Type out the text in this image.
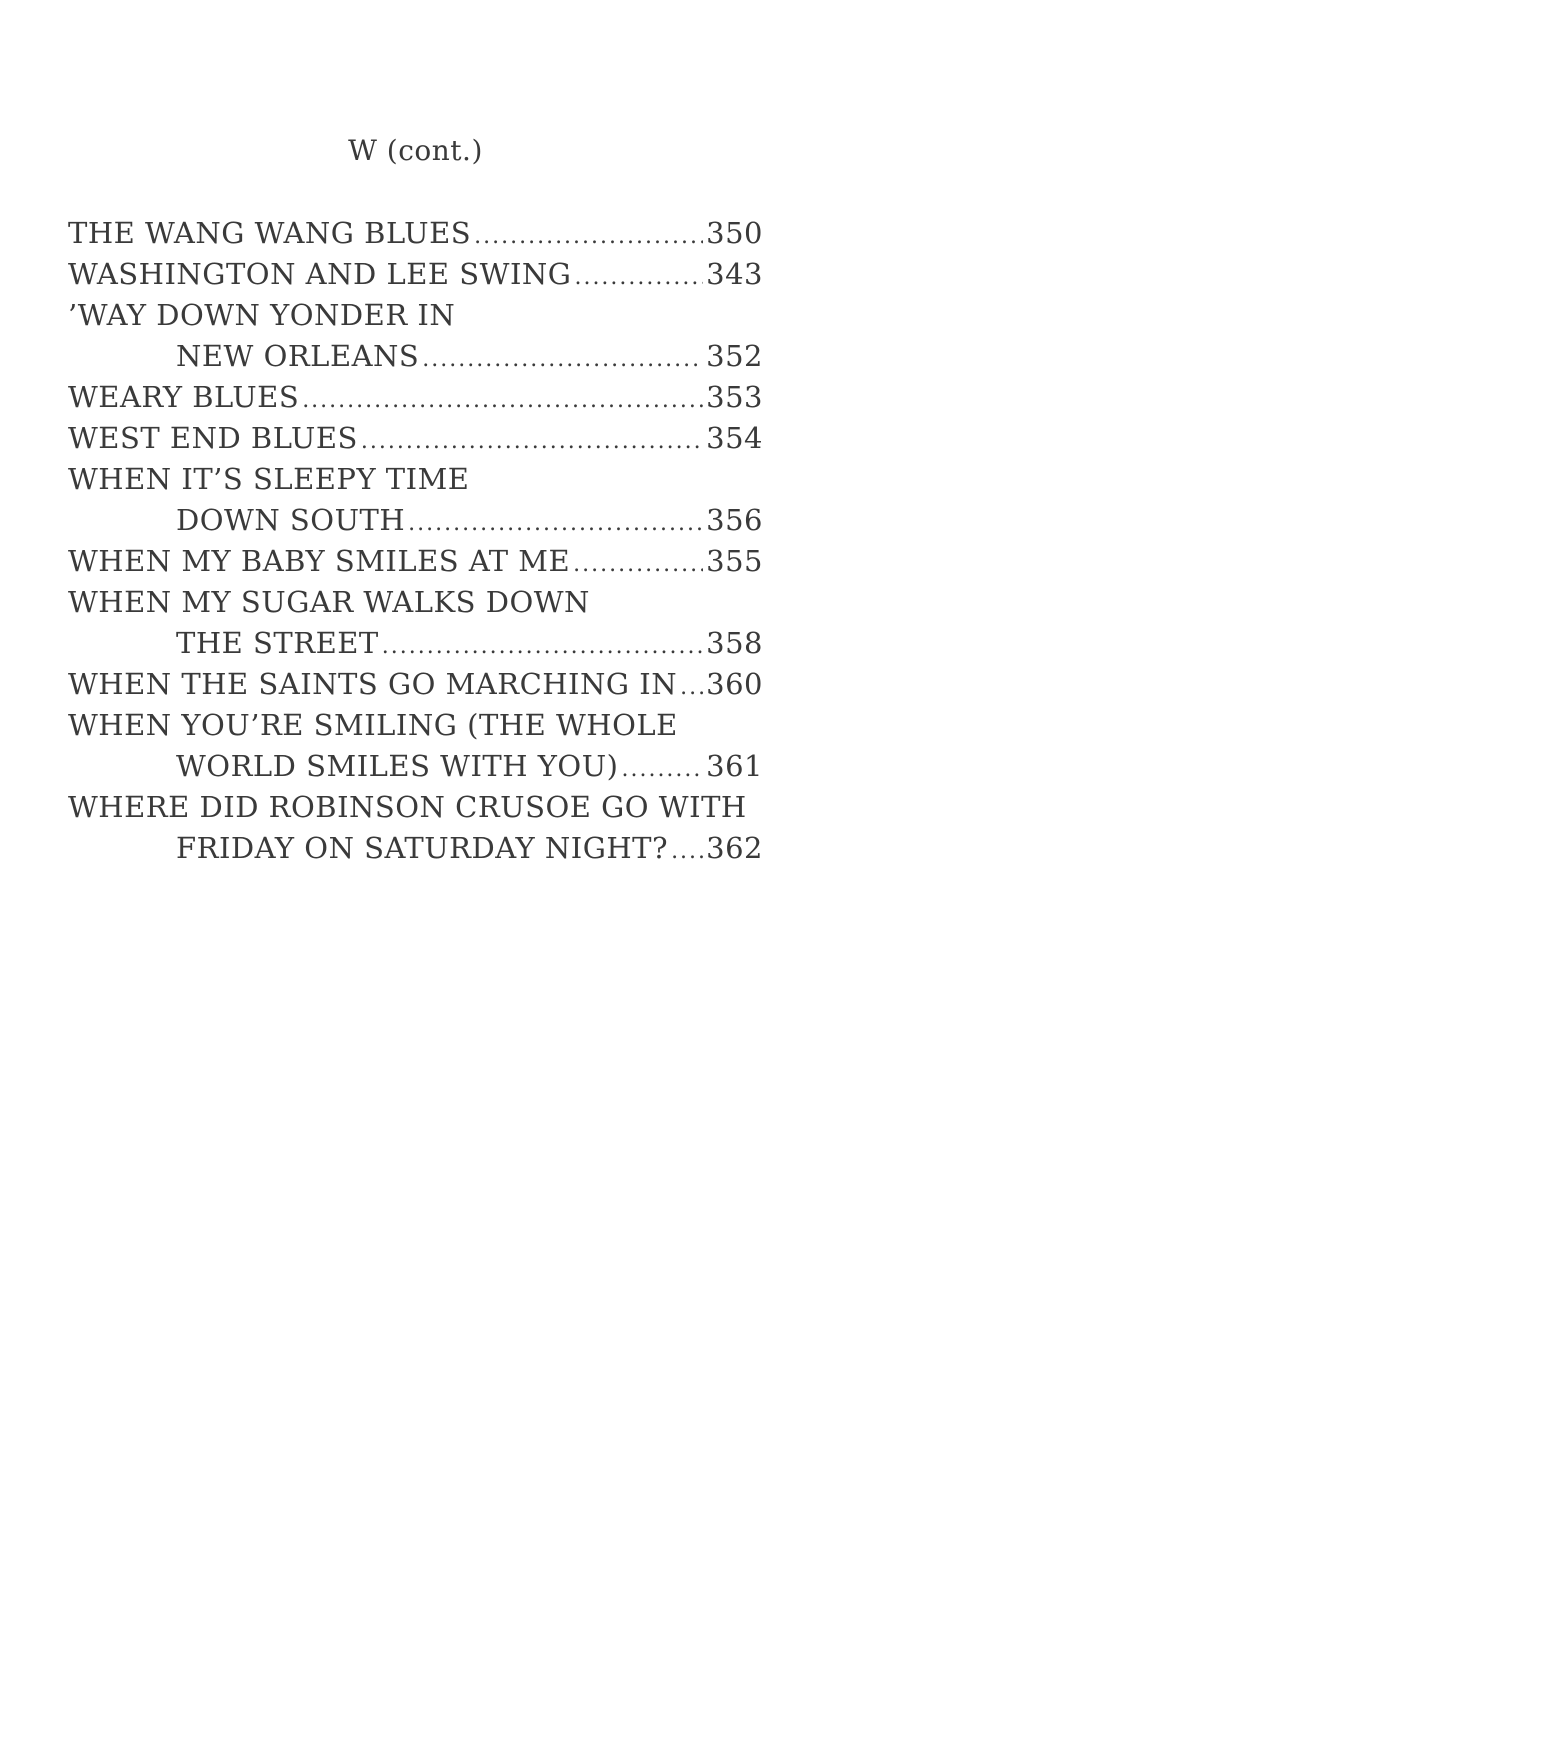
W (cont.)
THE WANG WANG BLUES .....	350
WASHINGTON AND LEE SWING .....	343
’WAY DOWN YONDER IN
NEW ORLEANS .....	352
WEARY BLUES .....	353
WEST END BLUES .....	354
WHEN IT’S SLEEPY TIME
DOWN SOUTH .....	356
WHEN MY BABY SMILES AT ME .....	355
WHEN MY SUGAR WALKS DOWN
THE STREET .....	358
WHEN THE SAINTS GO MARCHING IN ..... 360
WHEN YOU’RE SMILING (THE WHOLE
WORLD SMILES WITH YOU) .....	361
WHERE DID ROBINSON CRUSOE GO WITH
FRIDAY ON SATURDAY NIGHT? ..... 362
